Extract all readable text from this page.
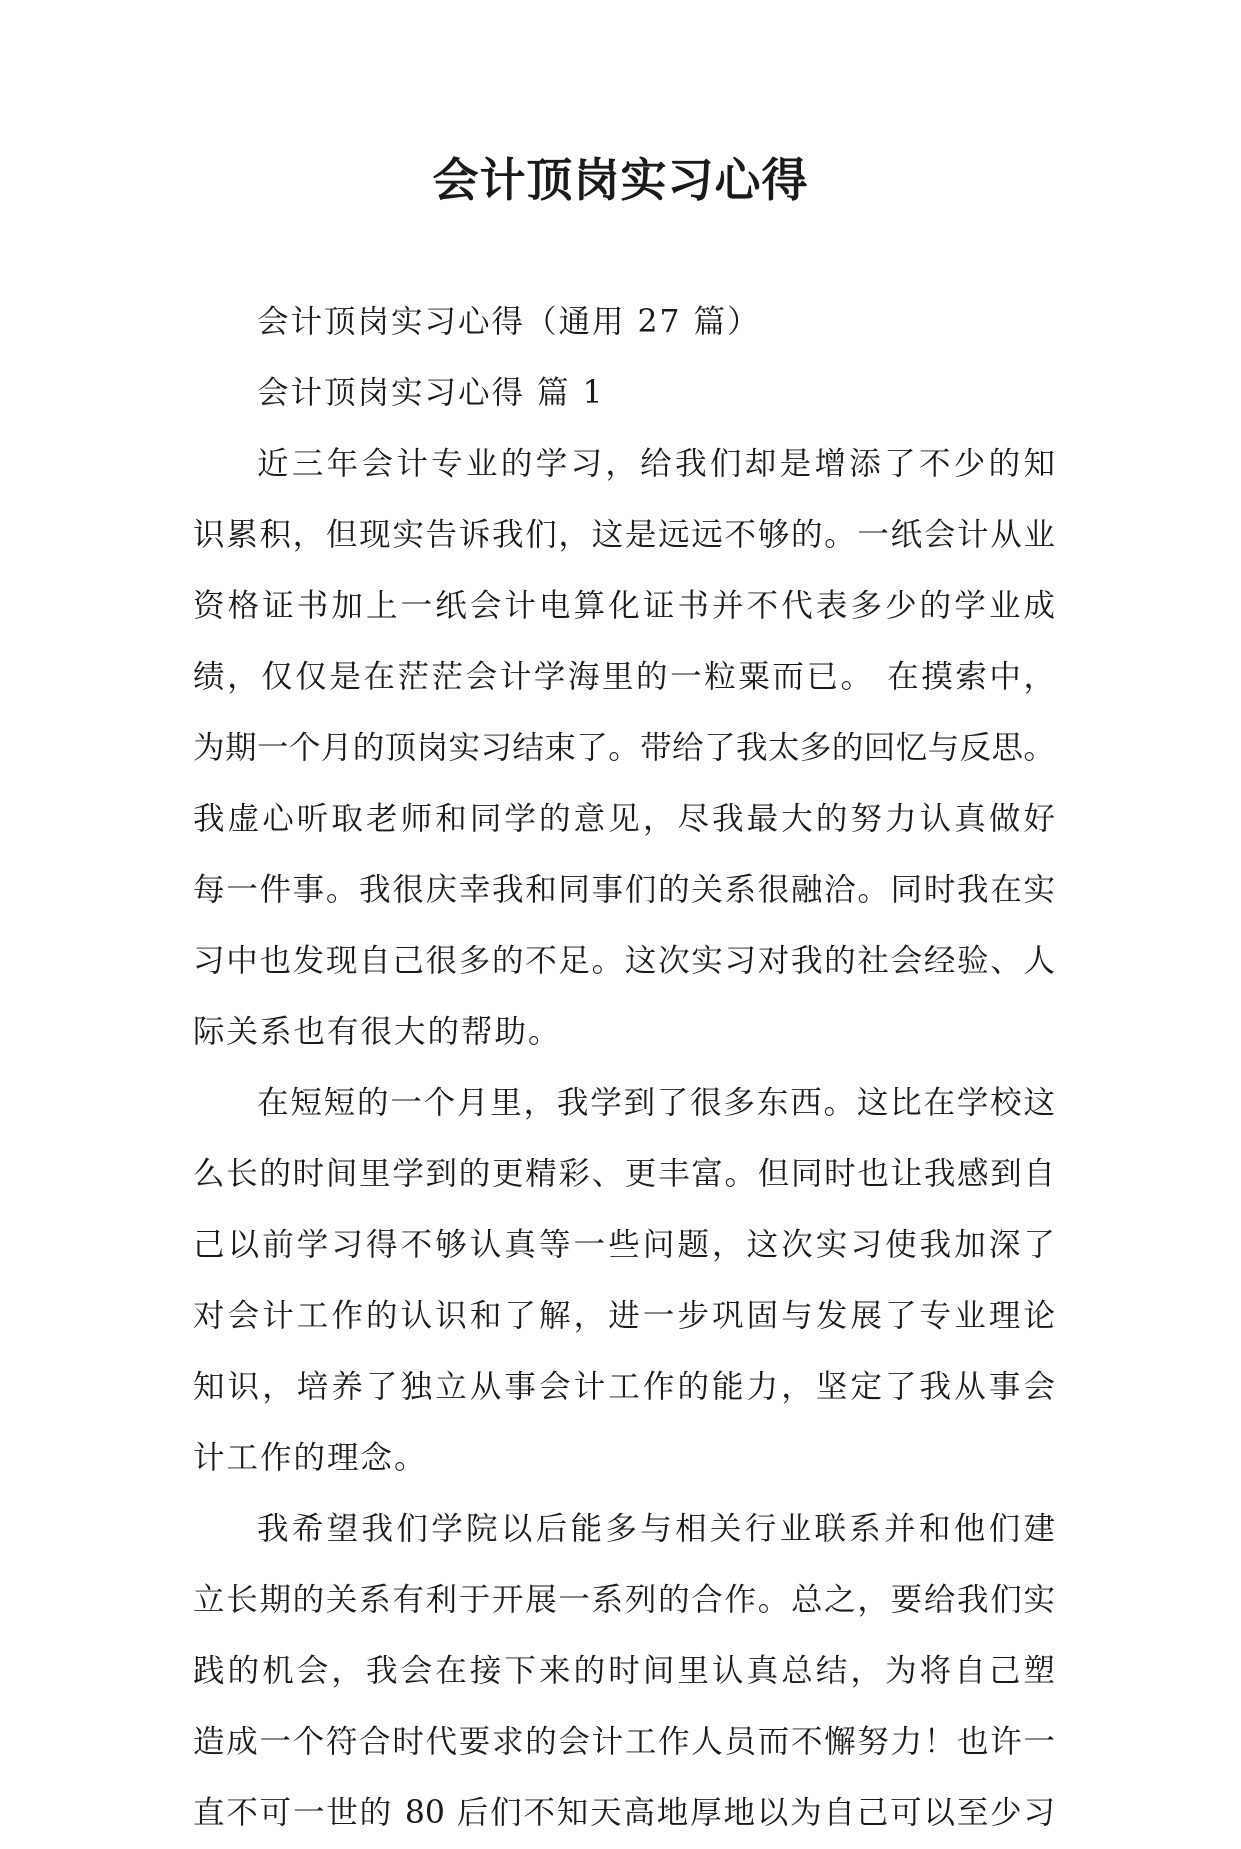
会计顶岗实习心得
会计顶岗实习心得（通用 27 篇）
会计顶岗实习心得 篇 1
近三年会计专业的学习，给我们却是增添了不少的知
识累积，但现实告诉我们，这是远远不够的。一纸会计从业
资格证书加上一纸会计电算化证书并不代表多少的学业成
绩，仅仅是在茫茫会计学海里的一粒粟而已。 在摸索中，
为期一个月的顶岗实习结束了。带给了我太多的回忆与反思。
我虚心听取老师和同学的意见，尽我最大的努力认真做好
每一件事。我很庆幸我和同事们的关系很融洽。同时我在实
习中也发现自己很多的不足。这次实习对我的社会经验、人
际关系也有很大的帮助。
在短短的一个月里，我学到了很多东西。这比在学校这
么长的时间里学到的更精彩、更丰富。但同时也让我感到自
己以前学习得不够认真等一些问题，这次实习使我加深了
对会计工作的认识和了解，进一步巩固与发展了专业理论
知识，培养了独立从事会计工作的能力，坚定了我从事会
计工作的理念。
我希望我们学院以后能多与相关行业联系并和他们建
立长期的关系有利于开展一系列的合作。总之，要给我们实
践的机会，我会在接下来的时间里认真总结，为将自己塑
造成一个符合时代要求的会计工作人员而不懈努力！也许一
直不可一世的 80 后们不知天高地厚地以为自己可以至少习
